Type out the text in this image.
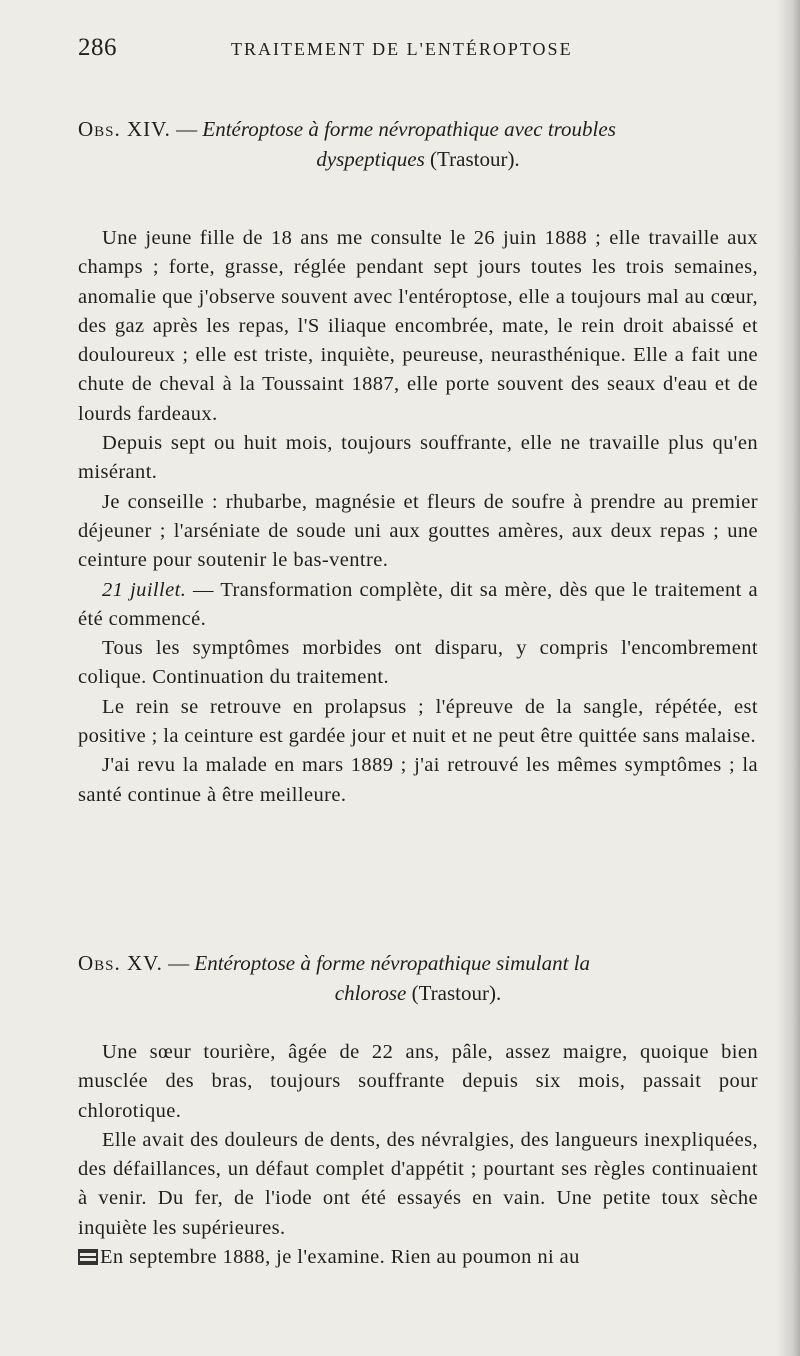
286	TRAITEMENT DE L'ENTÉROPTOSE
Obs. XIV. — Entéroptose à forme névropathique avec troubles
dyspeptiques (Trastour).

Une jeune fille de 18 ans me consulte le 26 juin 1888 ; elle travaille aux champs ; forte, grasse, réglée pendant sept jours toutes les trois semaines, anomalie que j'observe souvent avec l'entéroptose, elle a toujours mal au cœur, des gaz après les repas, l'S iliaque encombrée, mate, le rein droit abaissé et douloureux ; elle est triste, inquiète, peureuse, neurasthénique. Elle a fait une chute de cheval à la Toussaint 1887, elle porte souvent des seaux d'eau et de lourds fardeaux.

Depuis sept ou huit mois, toujours souffrante, elle ne travaille plus qu'en misérant.

Je conseille : rhubarbe, magnésie et fleurs de soufre à prendre au premier déjeuner ; l'arséniate de soude uni aux gouttes amères, aux deux repas ; une ceinture pour soutenir le bas-ventre.

21 juillet. — Transformation complète, dit sa mère, dès que le traitement a été commencé.

Tous les symptômes morbides ont disparu, y compris l'encombrement colique. Continuation du traitement.

Le rein se retrouve en prolapsus ; l'épreuve de la sangle, répétée, est positive ; la ceinture est gardée jour et nuit et ne peut être quittée sans malaise.

J'ai revu la malade en mars 1889 ; j'ai retrouvé les mêmes symptômes ; la santé continue à être meilleure.

Obs. XV. — Entéroptose à forme névropathique simulant la
chlorose (Trastour).

Une sœur tourière, âgée de 22 ans, pâle, assez maigre, quoique bien musclée des bras, toujours souffrante depuis six mois, passait pour chlorotique.

Elle avait des douleurs de dents, des névralgies, des langueurs inexpliquées, des défaillances, un défaut complet d'appétit ; pourtant ses règles continuaient à venir. Du fer, de l'iode ont été essayés en vain. Une petite toux sèche inquiète les supérieures.

En septembre 1888, je l'examine. Rien au poumon ni au
